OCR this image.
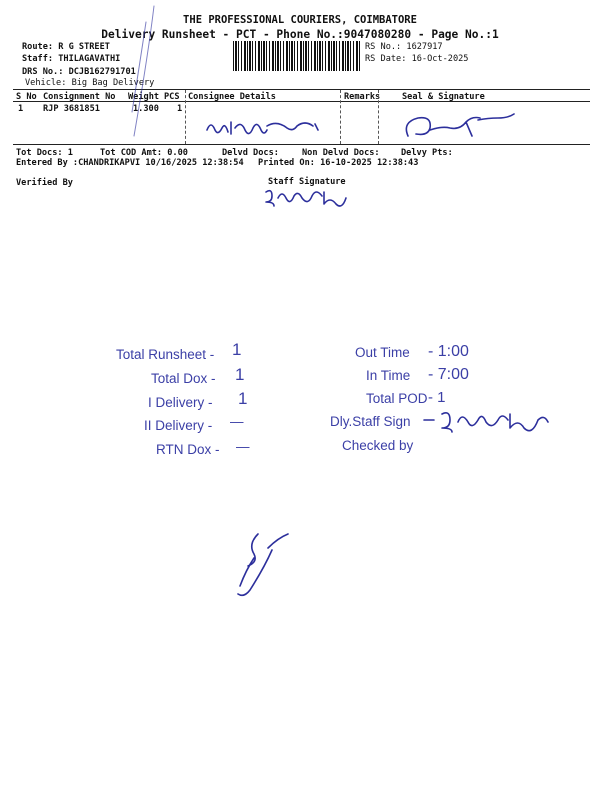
THE PROFESSIONAL COURIERS, COIMBATORE
Delivery Runsheet - PCT - Phone No.:9047080280 - Page No.:1
Route: R G STREET
Staff: THILAGAVATHI
DRS No.: DCJB162791701
Vehicle: Big Bag Delivery
RS No.: 1627917
RS Date: 16-Oct-2025
S No Consignment No Weight PCS Consignee Details	Remarks	Seal & Signature
1 RJP 3681851	1.300 1
Tot Docs: 1	Tot COD Amt: 0.00	Delvd Docs:	Non Delvd Docs: Delvy Pts:
Entered By :CHANDRIKAPVI 10/16/2025 12:38:54 Printed On: 16-10-2025 12:38:43
Verified By	Staff Signature
Total Runsheet - 1
Total Dox - 1
I Delivery - 1
II Delivery - —
RTN Dox - —
Out Time - 1:00
In Time - 7:00
Total POD - 1
Dly.Staff Sign
Checked by
